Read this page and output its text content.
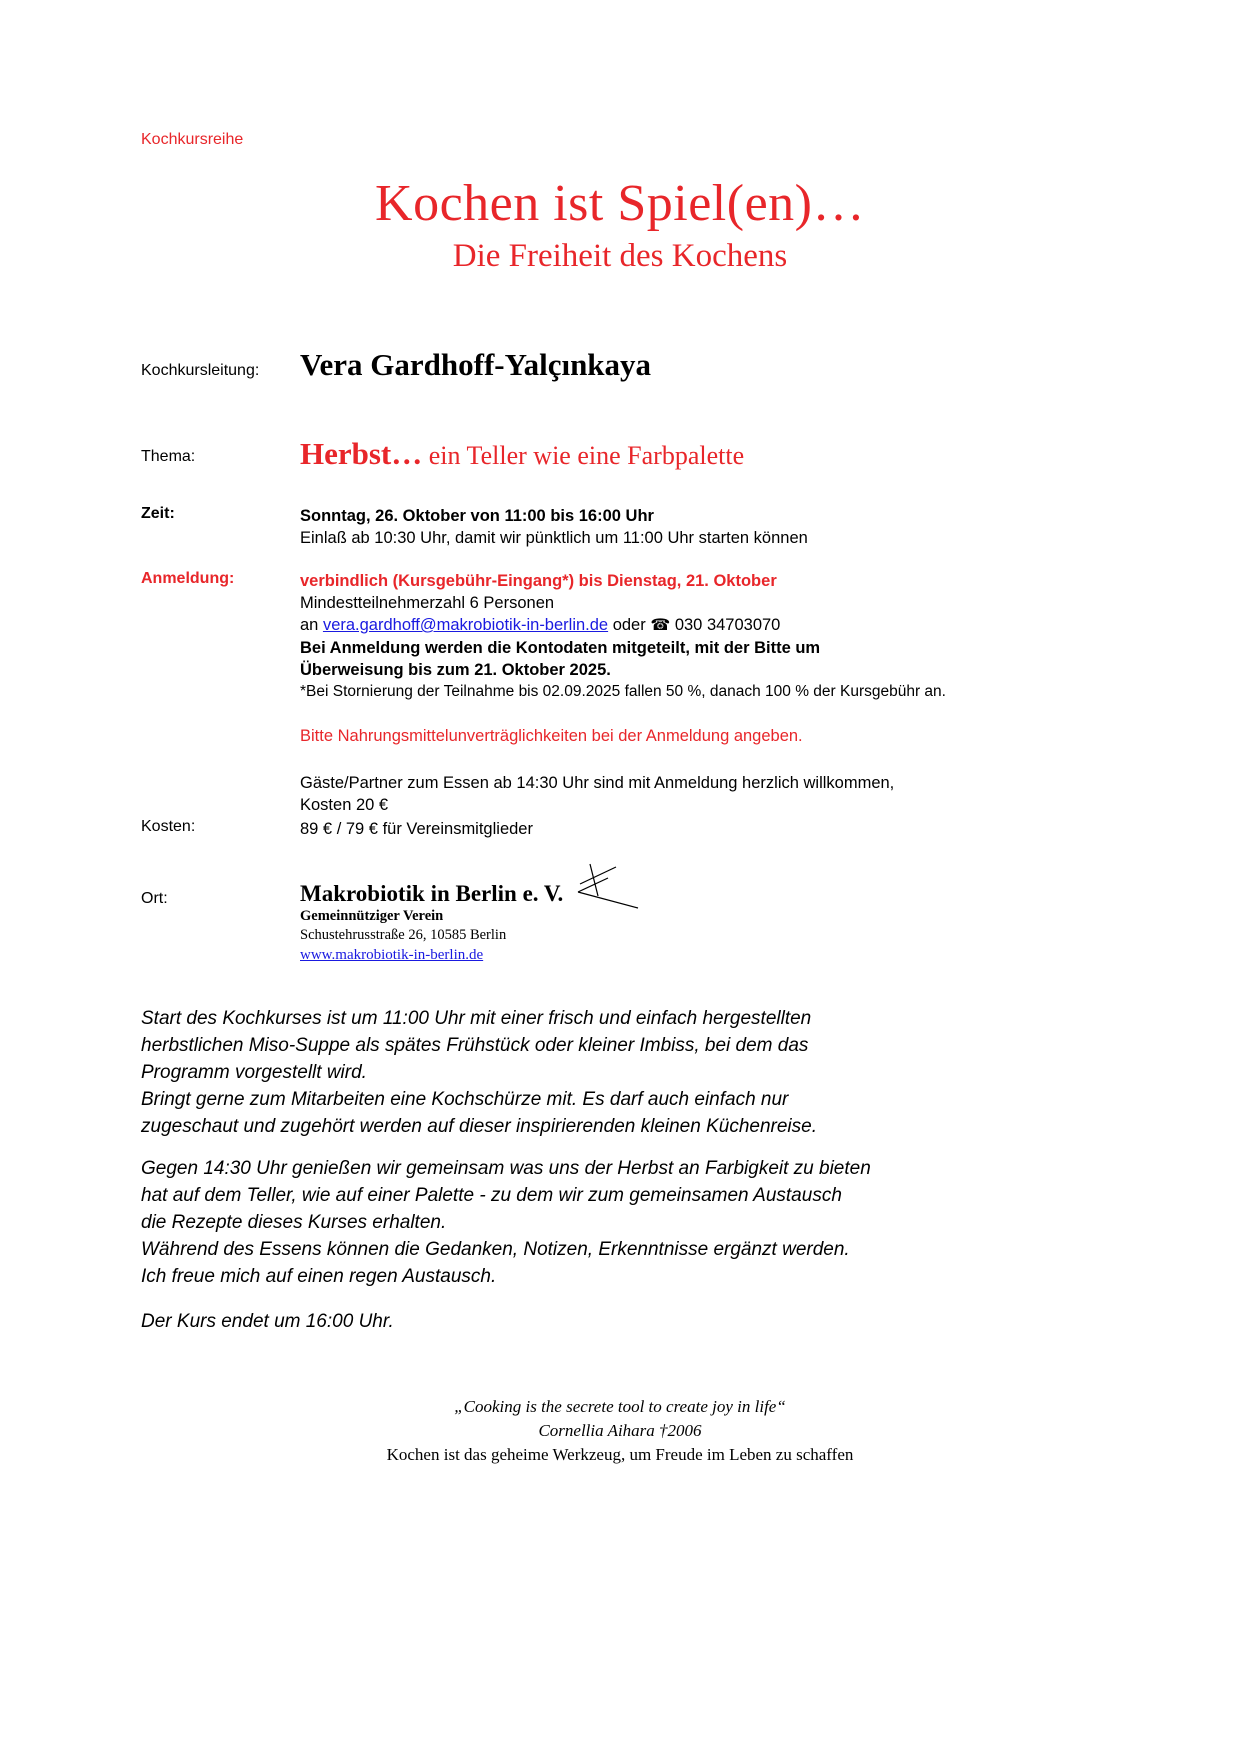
Kochkursreihe
Kochen ist Spiel(en)…
Die Freiheit des Kochens
Kochkursleitung:	Vera Gardhoff-Yalçınkaya
Thema:	Herbst… ein Teller wie eine Farbpalette
Zeit:	Sonntag, 26. Oktober von 11:00 bis 16:00 Uhr
Einlaß ab 10:30 Uhr, damit wir pünktlich um 11:00 Uhr starten können
Anmeldung:	verbindlich (Kursgebühr-Eingang*) bis Dienstag, 21. Oktober
Mindestteilnehmerzahl 6 Personen
an vera.gardhoff@makrobiotik-in-berlin.de oder ☎ 030 34703070
Bei Anmeldung werden die Kontodaten mitgeteilt, mit der Bitte um
Überweisung bis zum 21. Oktober 2025.
*Bei Stornierung der Teilnahme bis 02.09.2025 fallen 50 %, danach 100 % der Kursgebühr an.
Bitte Nahrungsmittelunverträglichkeiten bei der Anmeldung angeben.
Gäste/Partner zum Essen ab 14:30 Uhr sind mit Anmeldung herzlich willkommen,
Kosten 20 €
Kosten:	89 € / 79 € für Vereinsmitglieder
Ort:	Makrobiotik in Berlin e. V.
Gemeinnütziger Verein
Schustehrusstraße 26, 10585 Berlin
www.makrobiotik-in-berlin.de
Start des Kochkurses ist um 11:00 Uhr mit einer frisch und einfach hergestellten
herbstlichen Miso-Suppe als spätes Frühstück oder kleiner Imbiss, bei dem das
Programm vorgestellt wird.
Bringt gerne zum Mitarbeiten eine Kochschürze mit. Es darf auch einfach nur
zugeschaut und zugehört werden auf dieser inspirierenden kleinen Küchenreise.
Gegen 14:30 Uhr genießen wir gemeinsam was uns der Herbst an Farbigkeit zu bieten
hat auf dem Teller, wie auf einer Palette - zu dem wir zum gemeinsamen Austausch
die Rezepte dieses Kurses erhalten.
Während des Essens können die Gedanken, Notizen, Erkenntnisse ergänzt werden.
Ich freue mich auf einen regen Austausch.
Der Kurs endet um 16:00 Uhr.
„Cooking is the secrete tool to create joy in life“
Cornellia Aihara †2006
Kochen ist das geheime Werkzeug, um Freude im Leben zu schaffen
